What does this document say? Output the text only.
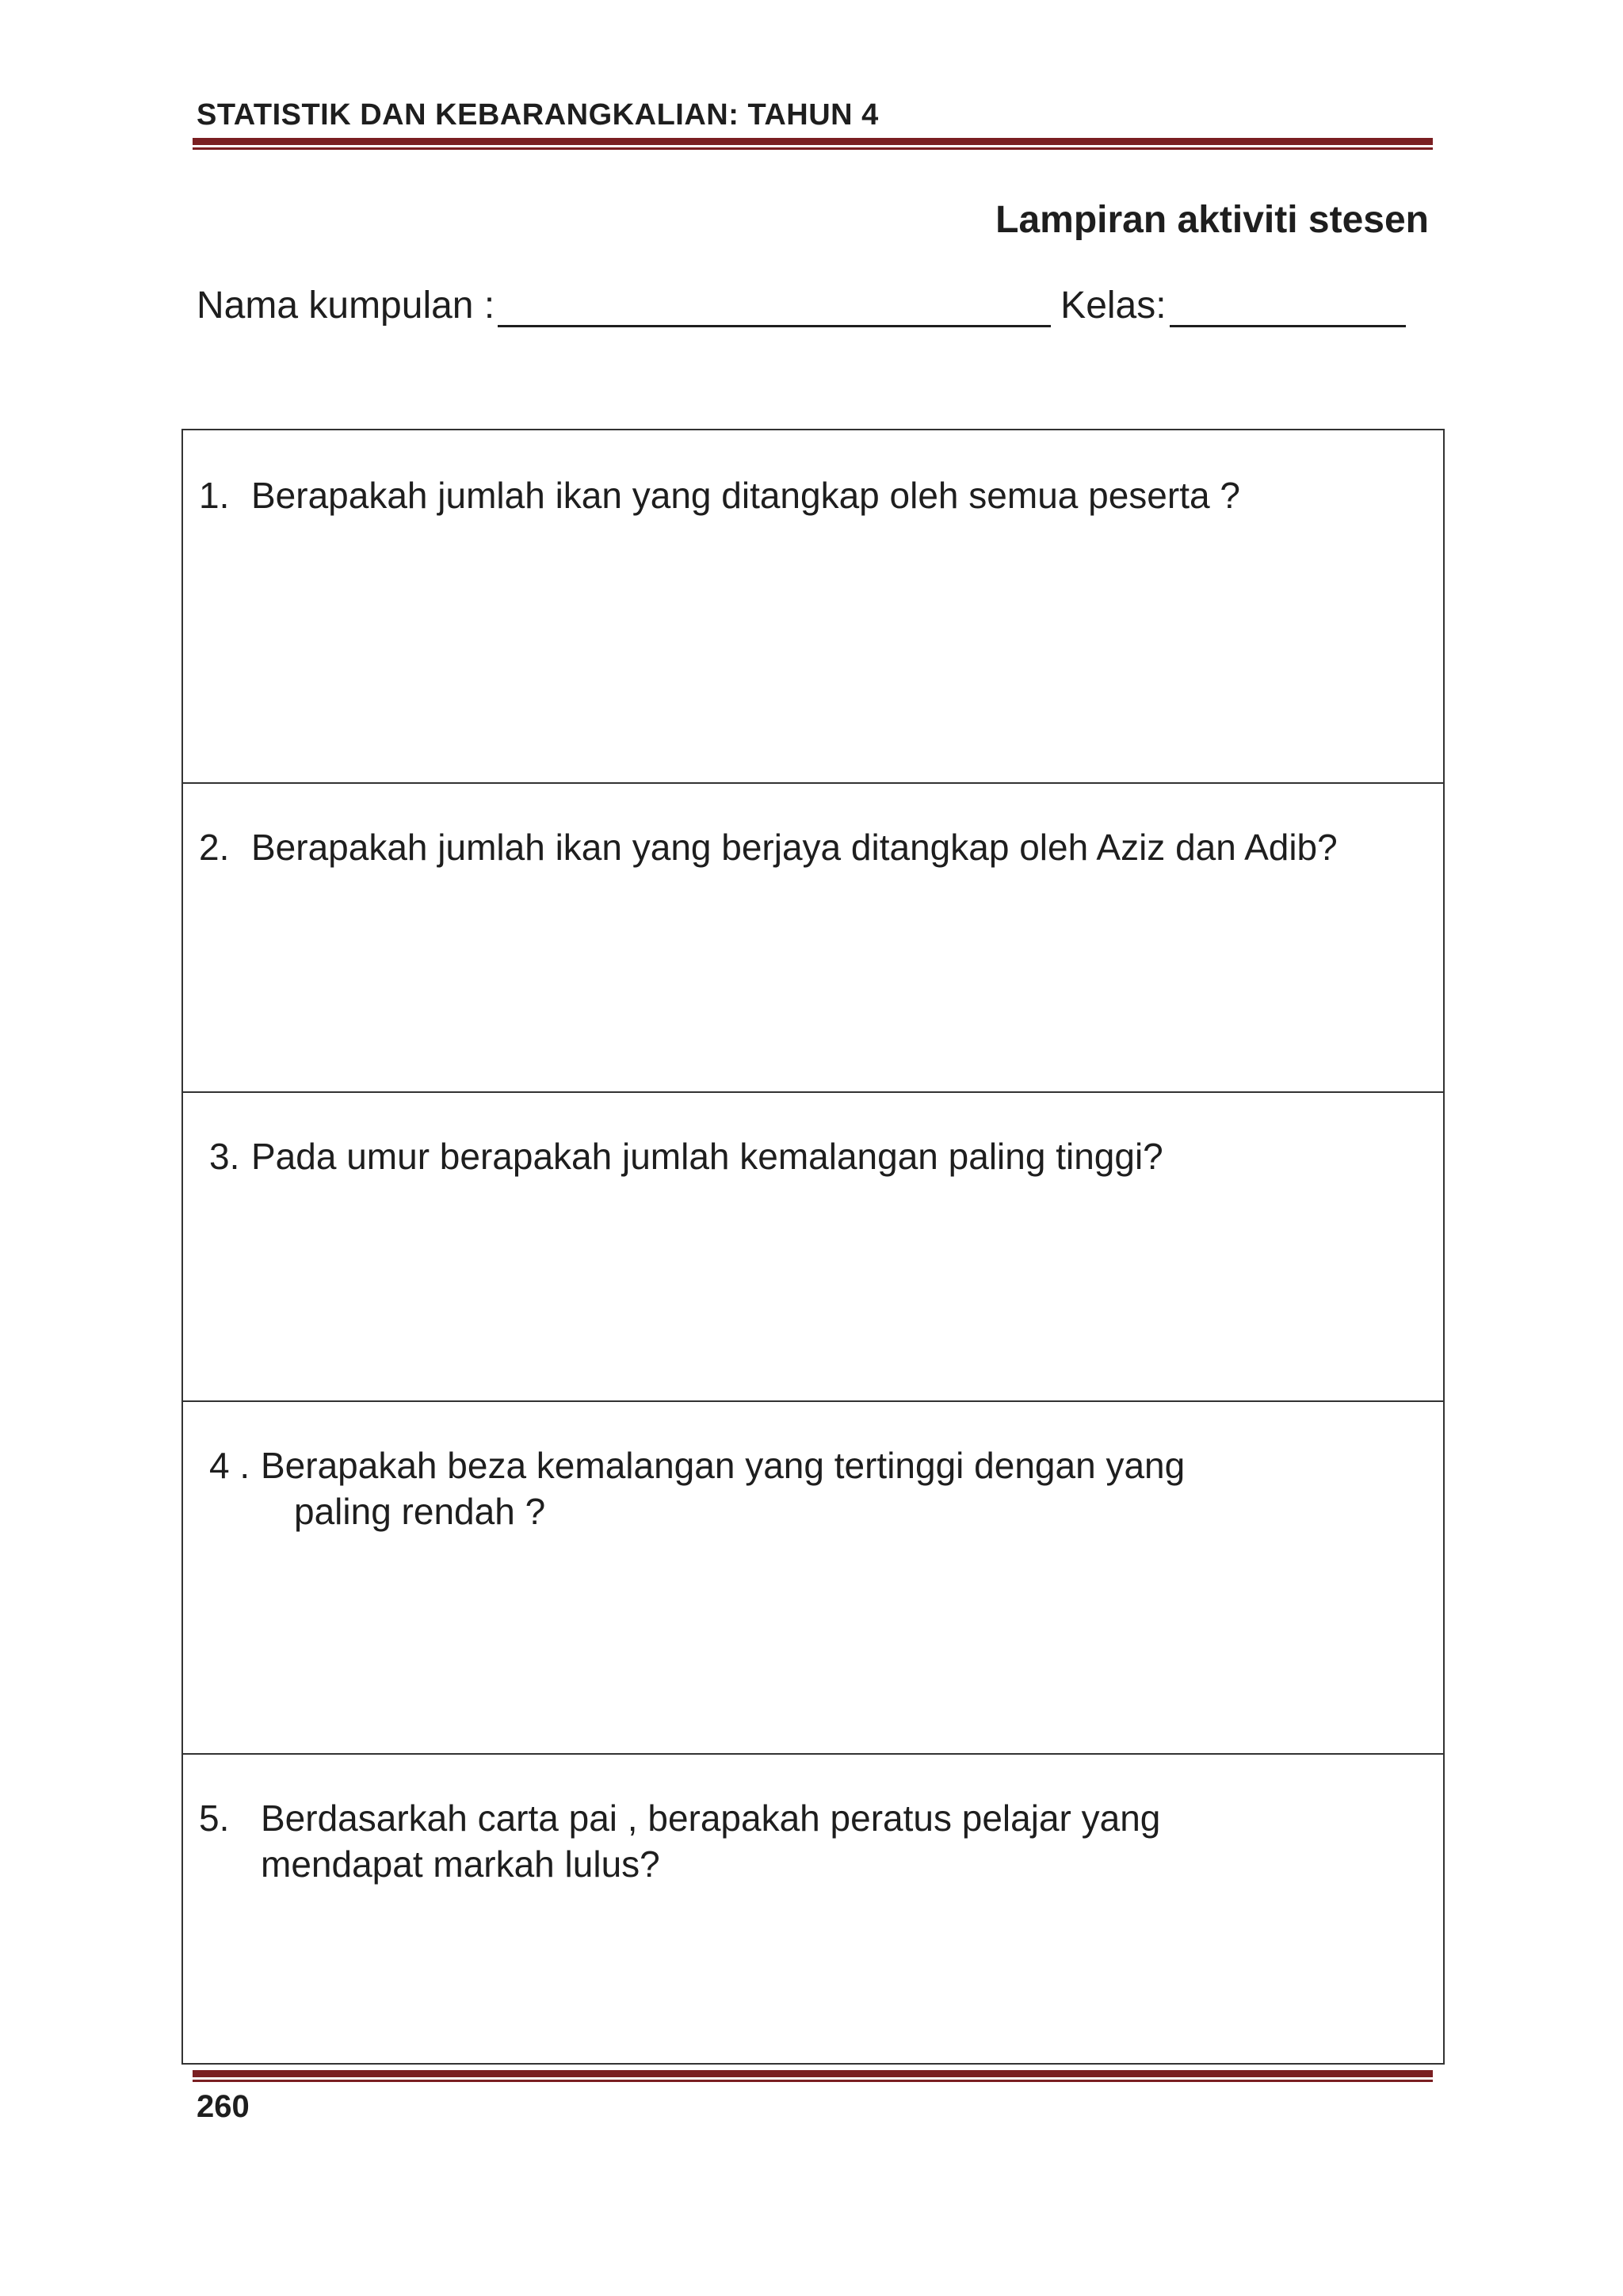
STATISTIK DAN KEBARANGKALIAN: TAHUN 4
Lampiran aktiviti stesen
Nama kumpulan :	Kelas:
1. Berapakah jumlah ikan yang ditangkap oleh semua peserta ?
2. Berapakah jumlah ikan yang berjaya ditangkap oleh Aziz dan Adib?
3. Pada umur berapakah jumlah kemalangan paling tinggi?
4 . Berapakah beza kemalangan yang tertinggi dengan yang
paling rendah ?
5. Berdasarkah carta pai , berapakah peratus pelajar yang
mendapat markah lulus?
260
